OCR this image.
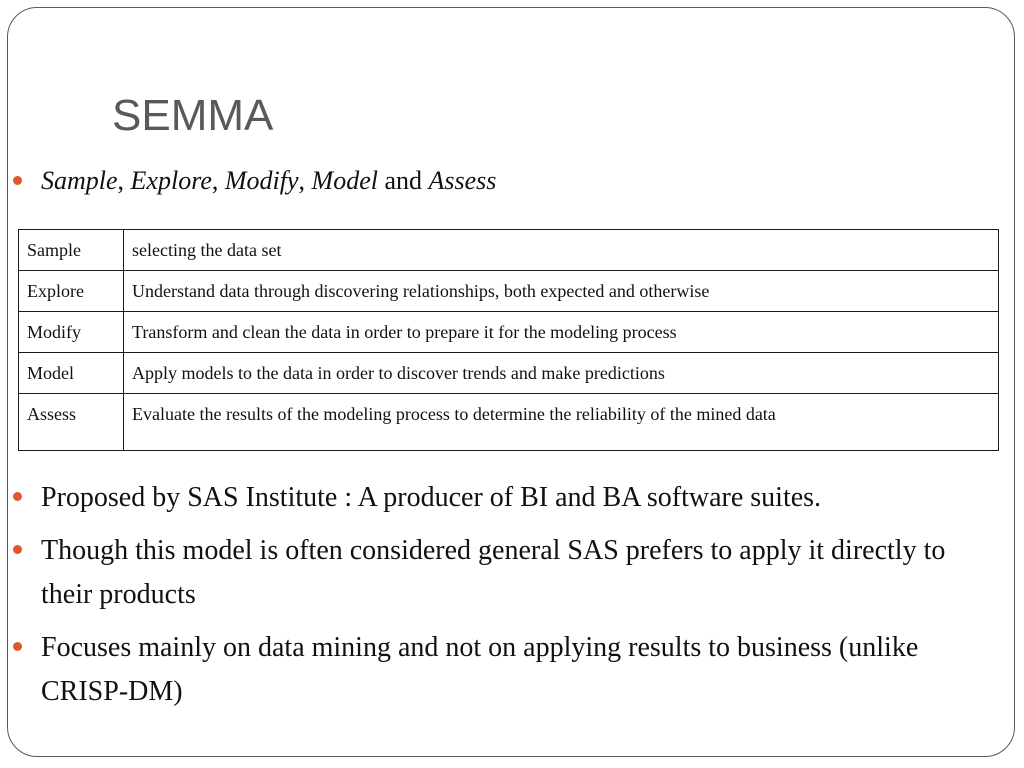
SEMMA
Sample, Explore, Modify, Model and Assess
Sample	selecting the data set
Explore	Understand data through discovering relationships, both expected and otherwise
Modify	Transform and clean the data in order to prepare it for the modeling process
Model	Apply models to the data in order to discover trends and make predictions
Assess	Evaluate the results of the modeling process to determine the reliability of the mined data
Proposed by SAS Institute : A producer of BI and BA software suites.
Though this model is often considered general SAS prefers to apply it directly to their products
Focuses mainly on data mining and not on applying results to business (unlike CRISP-DM)
